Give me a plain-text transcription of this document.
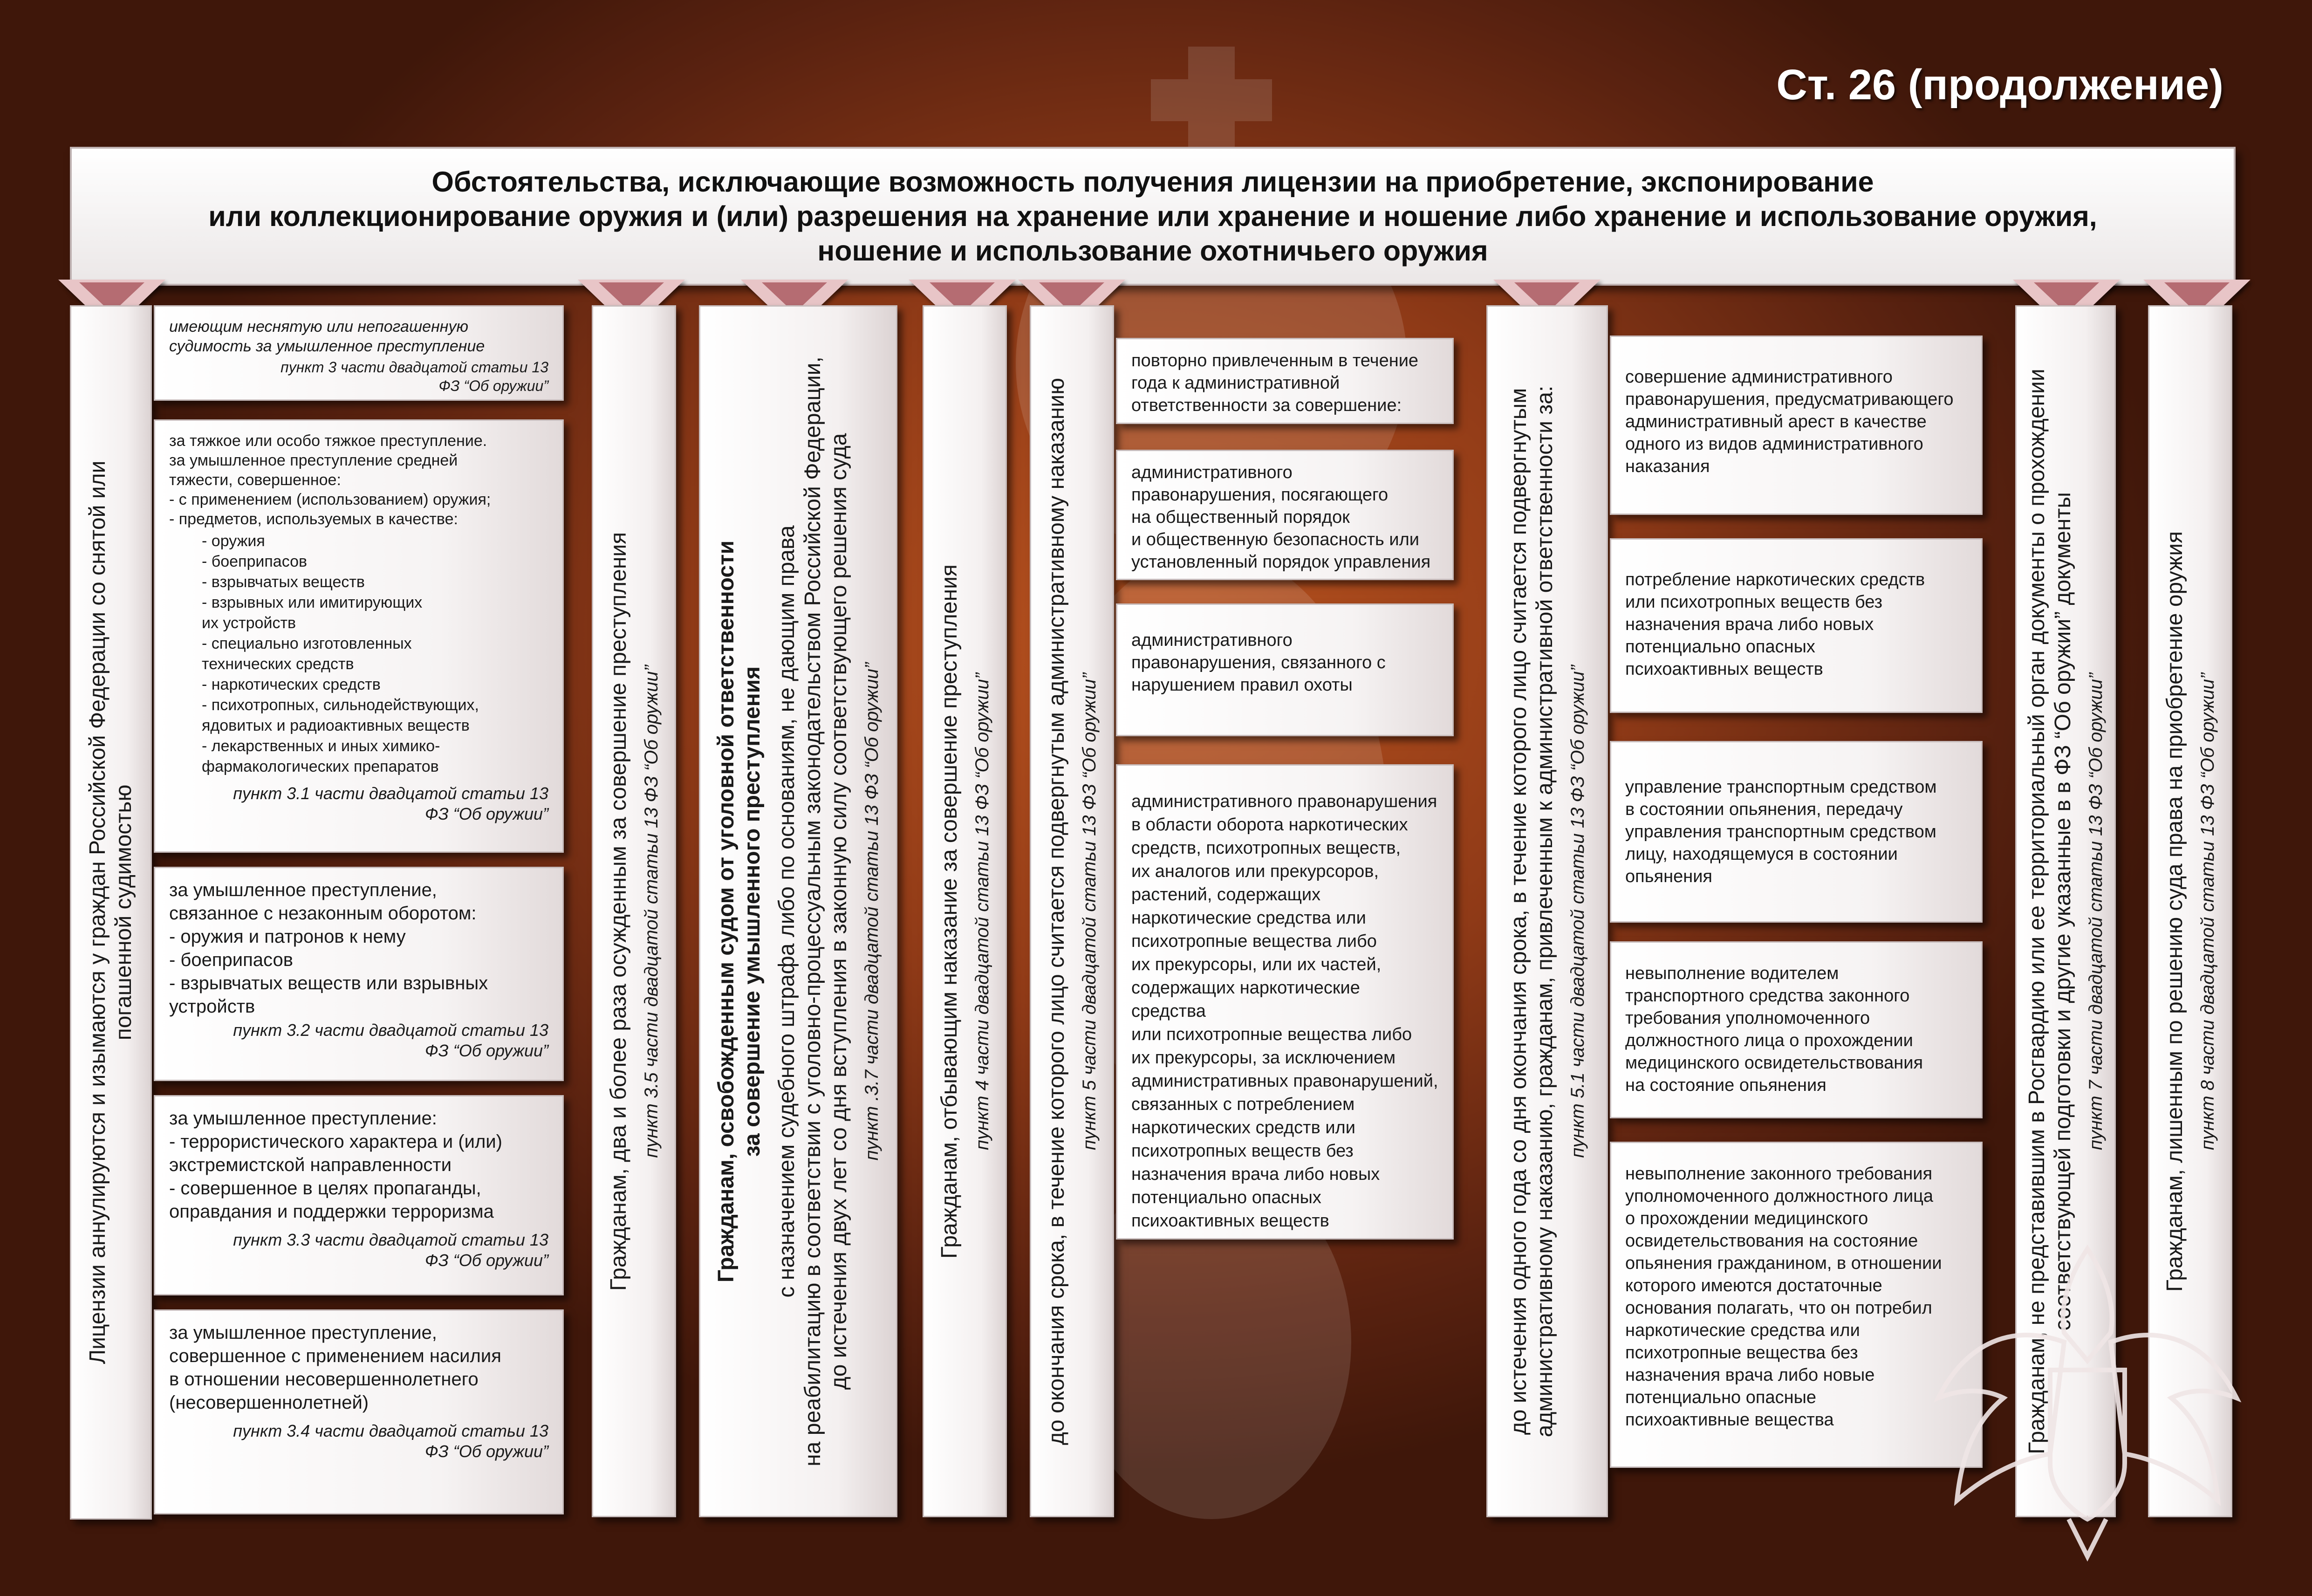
Ст. 26 (продолжение)

Обстоятельства, исключающие возможность получения лицензии на приобретение, экспонирование
или коллекционирование оружия и (или) разрешения на хранение или хранение и ношение либо хранение и использование оружия,
ношение и использование охотничьего оружия

Лицензии аннулируются и изымаются у граждан Российской Федерации со снятой или
погашенной судимостью

имеющим неснятую или непогашенную
судимость за умышленное преступление

пункт 3 части двадцатой статьи 13
ФЗ “Об оружии”

за тяжкое или особо тяжкое преступление.
за умышленное преступление средней
тяжести, совершенное:
- с применением (использованием) оружия;
- предметов, используемых в качестве:

- оружия
- боеприпасов
- взрывчатых веществ
- взрывных или имитирующих
их устройств
- специально изготовленных
технических средств
- наркотических средств
- психотропных, сильнодействующих,
ядовитых и радиоактивных веществ
- лекарственных и иных химико-
фармакологических препаратов
пункт 3.1 части двадцатой статьи 13
ФЗ “Об оружии”

за умышленное преступление,
связанное с незаконным оборотом:
- оружия и патронов к нему
- боеприпасов
- взрывчатых веществ или взрывных
устройств

пункт 3.2 части двадцатой статьи 13
ФЗ “Об оружии”

за умышленное преступление:
- террористического характера и (или)
экстремистской направленности
- совершенное в целях пропаганды,
оправдания и поддержки терроризма

пункт 3.3 части двадцатой статьи 13
ФЗ “Об оружии”

за умышленное преступление,
совершенное с применением насилия
в отношении несовершеннолетнего
(несовершеннолетней)

пункт 3.4 части двадцатой статьи 13
ФЗ “Об оружии”

Гражданам, два и более раза осужденным за совершение преступления пункт 3.5 части двадцатой статьи 13 ФЗ “Об оружии”

Гражданам, освобожденным судом от уголовной ответственности
за совершение умышленного преступления

с назначением судебного штрафа либо по основаниям, не дающим права
на реабилитацию в соответствии с уголовно-процессуальным законодательством Российской Федерации,
до истечения двух лет со дня вступления в законную силу соответствующего решения суда

пункт .3.7 части двадцатой статьи 13 ФЗ “Об оружии” Гражданам, отбывающим наказание за совершение преступления пункт 4 части двадцатой статьи 13 ФЗ “Об оружии” до окончания срока, в течение которого лицо считается подвергнутым административному наказанию пункт 5 части двадцатой статьи 13 ФЗ “Об оружии”

повторно привлеченным в течение
года к административной
ответственности за совершение:

административного
правонарушения, посягающего
на общественный порядок
и общественную безопасность или
установленный порядок управления

административного
правонарушения, связанного с
нарушением правил охоты

административного правонарушения
в области оборота наркотических
средств, психотропных веществ,
их аналогов или прекурсоров,
растений, содержащих
наркотические средства или
психотропные вещества либо
их прекурсоры, или их частей,
содержащих наркотические средства
или психотропные вещества либо
их прекурсоры, за исключением
административных правонарушений,
связанных с потреблением
наркотических средств или
психотропных веществ без
назначения врача либо новых
потенциально опасных
психоактивных веществ

до истечения одного года со дня окончания срока, в течение которого лицо считается подвергнутым
административному наказанию, гражданам, привлеченным к административной ответственности за:

пункт 5.1 части двадцатой статьи 13 ФЗ “Об оружии”

совершение административного
правонарушения, предусматривающего
административный арест в качестве
одного из видов административного
наказания

потребление наркотических средств
или психотропных веществ без
назначения врача либо новых
потенциально опасных
психоактивных веществ

управление транспортным средством
в состоянии опьянения, передачу
управления транспортным средством
лицу, находящемуся в состоянии
опьянения

невыполнение водителем
транспортного средства законного
требования уполномоченного
должностного лица о прохождении
медицинского освидетельствования
на состояние опьянения

невыполнение законного требования
уполномоченного должностного лица
о прохождении медицинского
освидетельствования на состояние
опьянения гражданином, в отношении
которого имеются достаточные
основания полагать, что он потребил
наркотические средства или
психотропные вещества без
назначения врача либо новые
потенциально опасные
психоактивные вещества	Гражданам, не представившим в Росгвардию или ее территориальный орган документы о прохождении
соответствующей подготовки и другие указанные в в ФЗ “Об оружии” документы

пункт 7 части двадцатой статьи 13 ФЗ “Об оружии”	Гражданам, лишенным по решению суда права на приобретение оружия пункт 8 части двадцатой статьи 13 ФЗ “Об оружии”
